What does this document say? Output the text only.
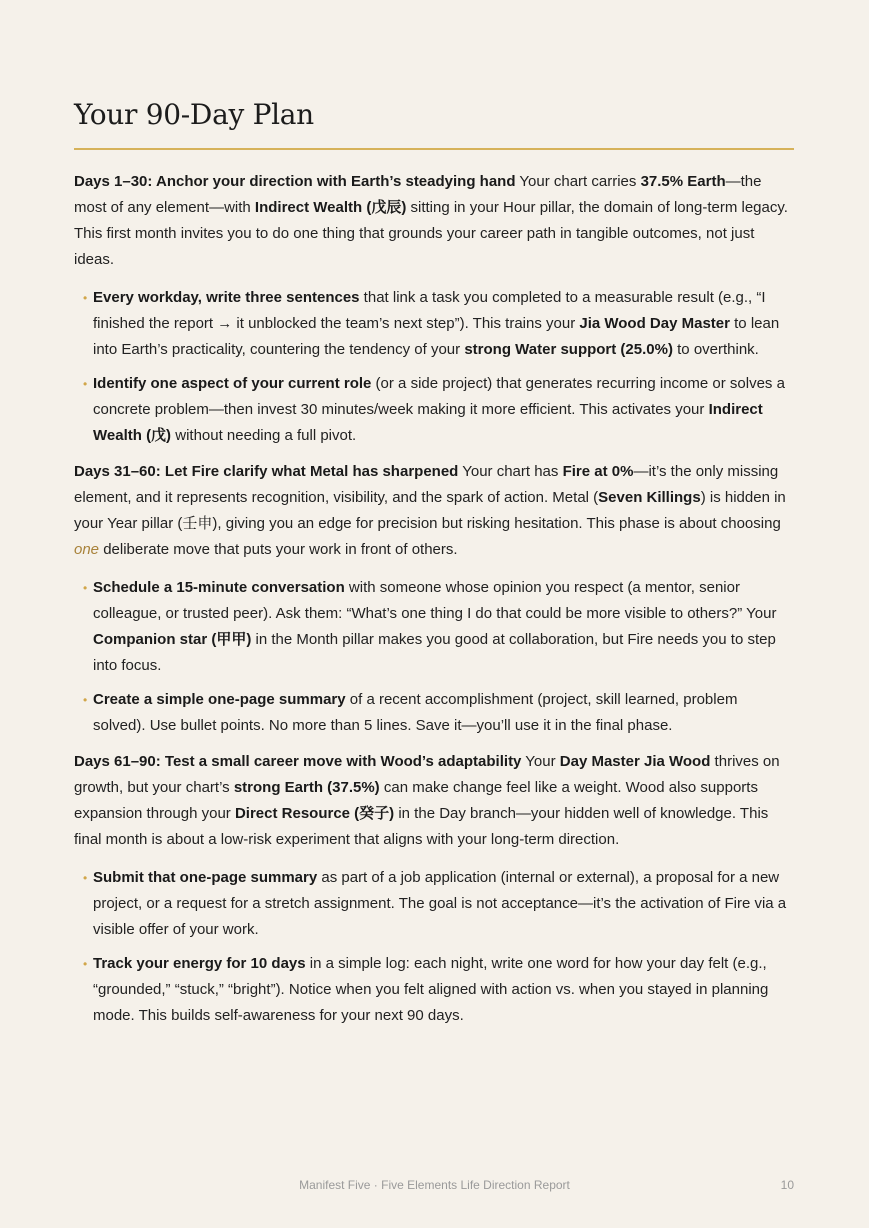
Your 90-Day Plan

Days 1–30: Anchor your direction with Earth’s steadying hand Your chart carries 37.5% Earth—the most of any element—with Indirect Wealth (戊辰) sitting in your Hour pillar, the domain of long-term legacy. This first month invites you to do one thing that grounds your career path in tangible outcomes, not just ideas.

• Every workday, write three sentences that link a task you completed to a measurable result (e.g., “I finished the report → it unblocked the team’s next step”). This trains your Jia Wood Day Master to lean into Earth’s practicality, countering the tendency of your strong Water support (25.0%) to overthink.
• Identify one aspect of your current role (or a side project) that generates recurring income or solves a concrete problem—then invest 30 minutes/week making it more efficient. This activates your Indirect Wealth (戊) without needing a full pivot.

Days 31–60: Let Fire clarify what Metal has sharpened Your chart has Fire at 0%—it’s the only missing element, and it represents recognition, visibility, and the spark of action. Metal (Seven Killings) is hidden in your Year pillar (壬申), giving you an edge for precision but risking hesitation. This phase is about choosing one deliberate move that puts your work in front of others.

• Schedule a 15-minute conversation with someone whose opinion you respect (a mentor, senior colleague, or trusted peer). Ask them: “What’s one thing I do that could be more visible to others?” Your Companion star (甲甲) in the Month pillar makes you good at collaboration, but Fire needs you to step into focus.
• Create a simple one-page summary of a recent accomplishment (project, skill learned, problem solved). Use bullet points. No more than 5 lines. Save it—you’ll use it in the final phase.

Days 61–90: Test a small career move with Wood’s adaptability Your Day Master Jia Wood thrives on growth, but your chart’s strong Earth (37.5%) can make change feel like a weight. Wood also supports expansion through your Direct Resource (癸子) in the Day branch—your hidden well of knowledge. This final month is about a low-risk experiment that aligns with your long-term direction.

• Submit that one-page summary as part of a job application (internal or external), a proposal for a new project, or a request for a stretch assignment. The goal is not acceptance—it’s the activation of Fire via a visible offer of your work.
• Track your energy for 10 days in a simple log: each night, write one word for how your day felt (e.g., “grounded,” “stuck,” “bright”). Notice when you felt aligned with action vs. when you stayed in planning mode. This builds self-awareness for your next 90 days.
Manifest Five · Five Elements Life Direction Report	10
